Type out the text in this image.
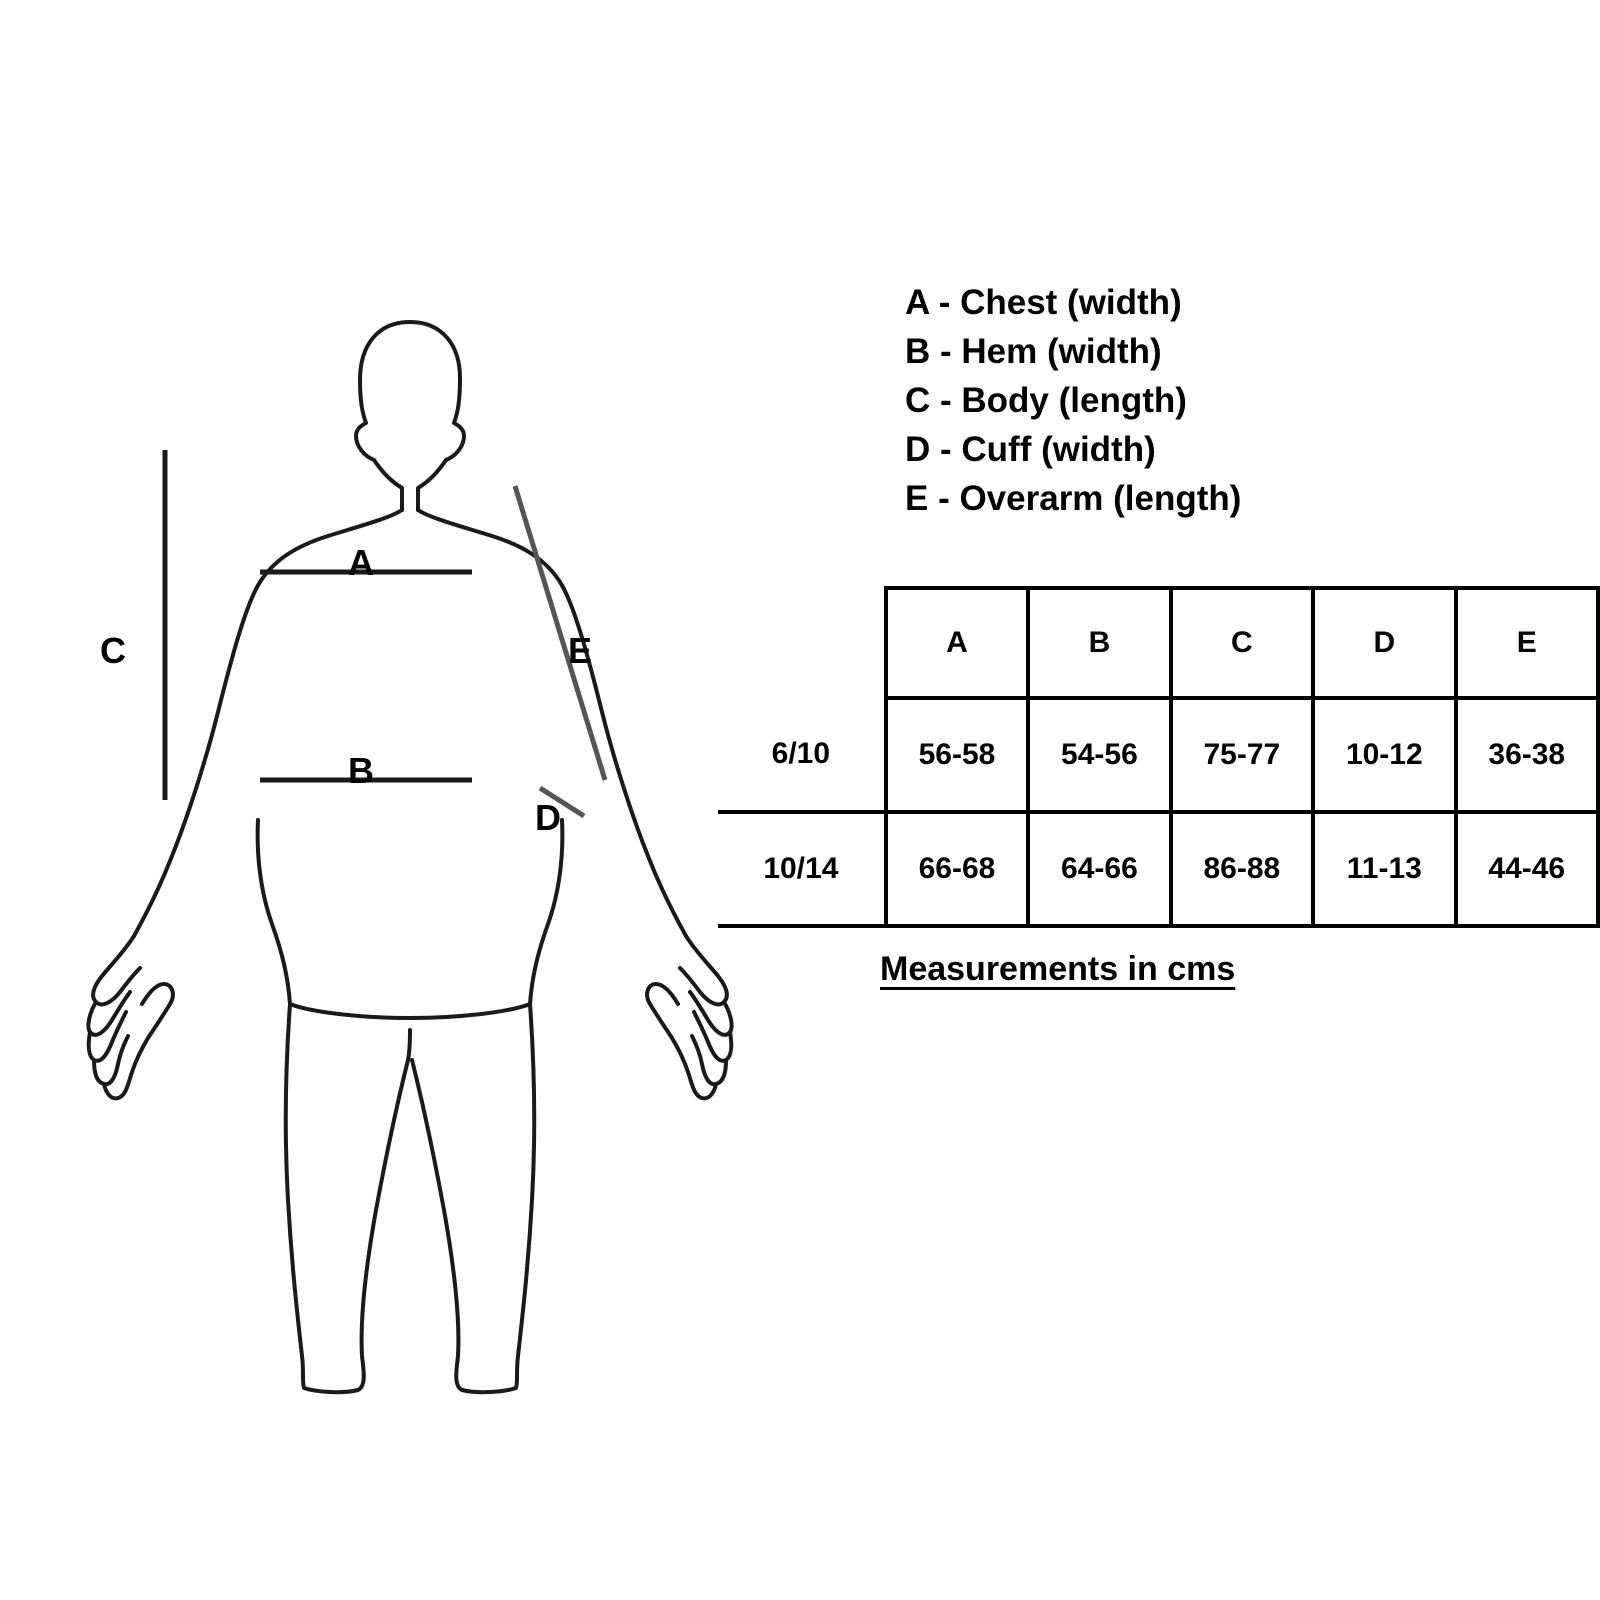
C
A
B
D
E
A - Chest (width)
B - Hem (width)
C - Body (length)
D - Cuff (width)
E - Overarm (length)
	A	B	C	D	E
6/10	56-58	54-56	75-77	10-12	36-38
10/14	66-68	64-66	86-88	11-13	44-46
Measurements in cms
